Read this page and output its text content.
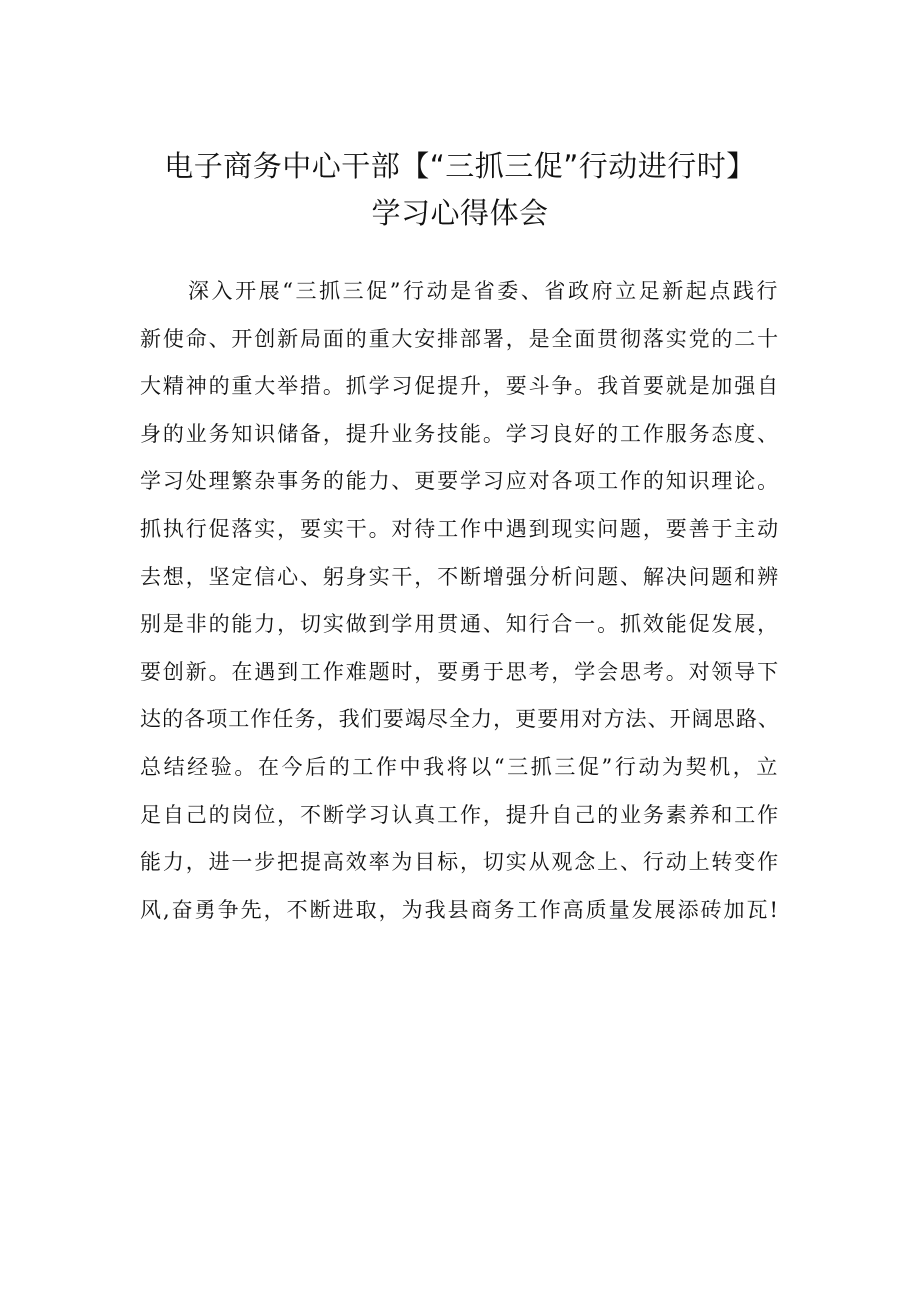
电子商务中心干部【“三抓三促”行动进行时】
学习心得体会
深入开展“三抓三促”行动是省委、省政府立足新起点践行
新使命、开创新局面的重大安排部署，是全面贯彻落实党的二十
大精神的重大举措。抓学习促提升，要斗争。我首要就是加强自
身的业务知识储备，提升业务技能。学习良好的工作服务态度、
学习处理繁杂事务的能力、更要学习应对各项工作的知识理论。
抓执行促落实，要实干。对待工作中遇到现实问题，要善于主动
去想，坚定信心、躬身实干，不断增强分析问题、解决问题和辨
别是非的能力，切实做到学用贯通、知行合一。抓效能促发展，
要创新。在遇到工作难题时，要勇于思考，学会思考。对领导下
达的各项工作任务，我们要竭尽全力，更要用对方法、开阔思路、
总结经验。在今后的工作中我将以“三抓三促”行动为契机，立
足自己的岗位，不断学习认真工作，提升自己的业务素养和工作
能力，进一步把提高效率为目标，切实从观念上、行动上转变作
风,奋勇争先，不断进取，为我县商务工作高质量发展添砖加瓦!
